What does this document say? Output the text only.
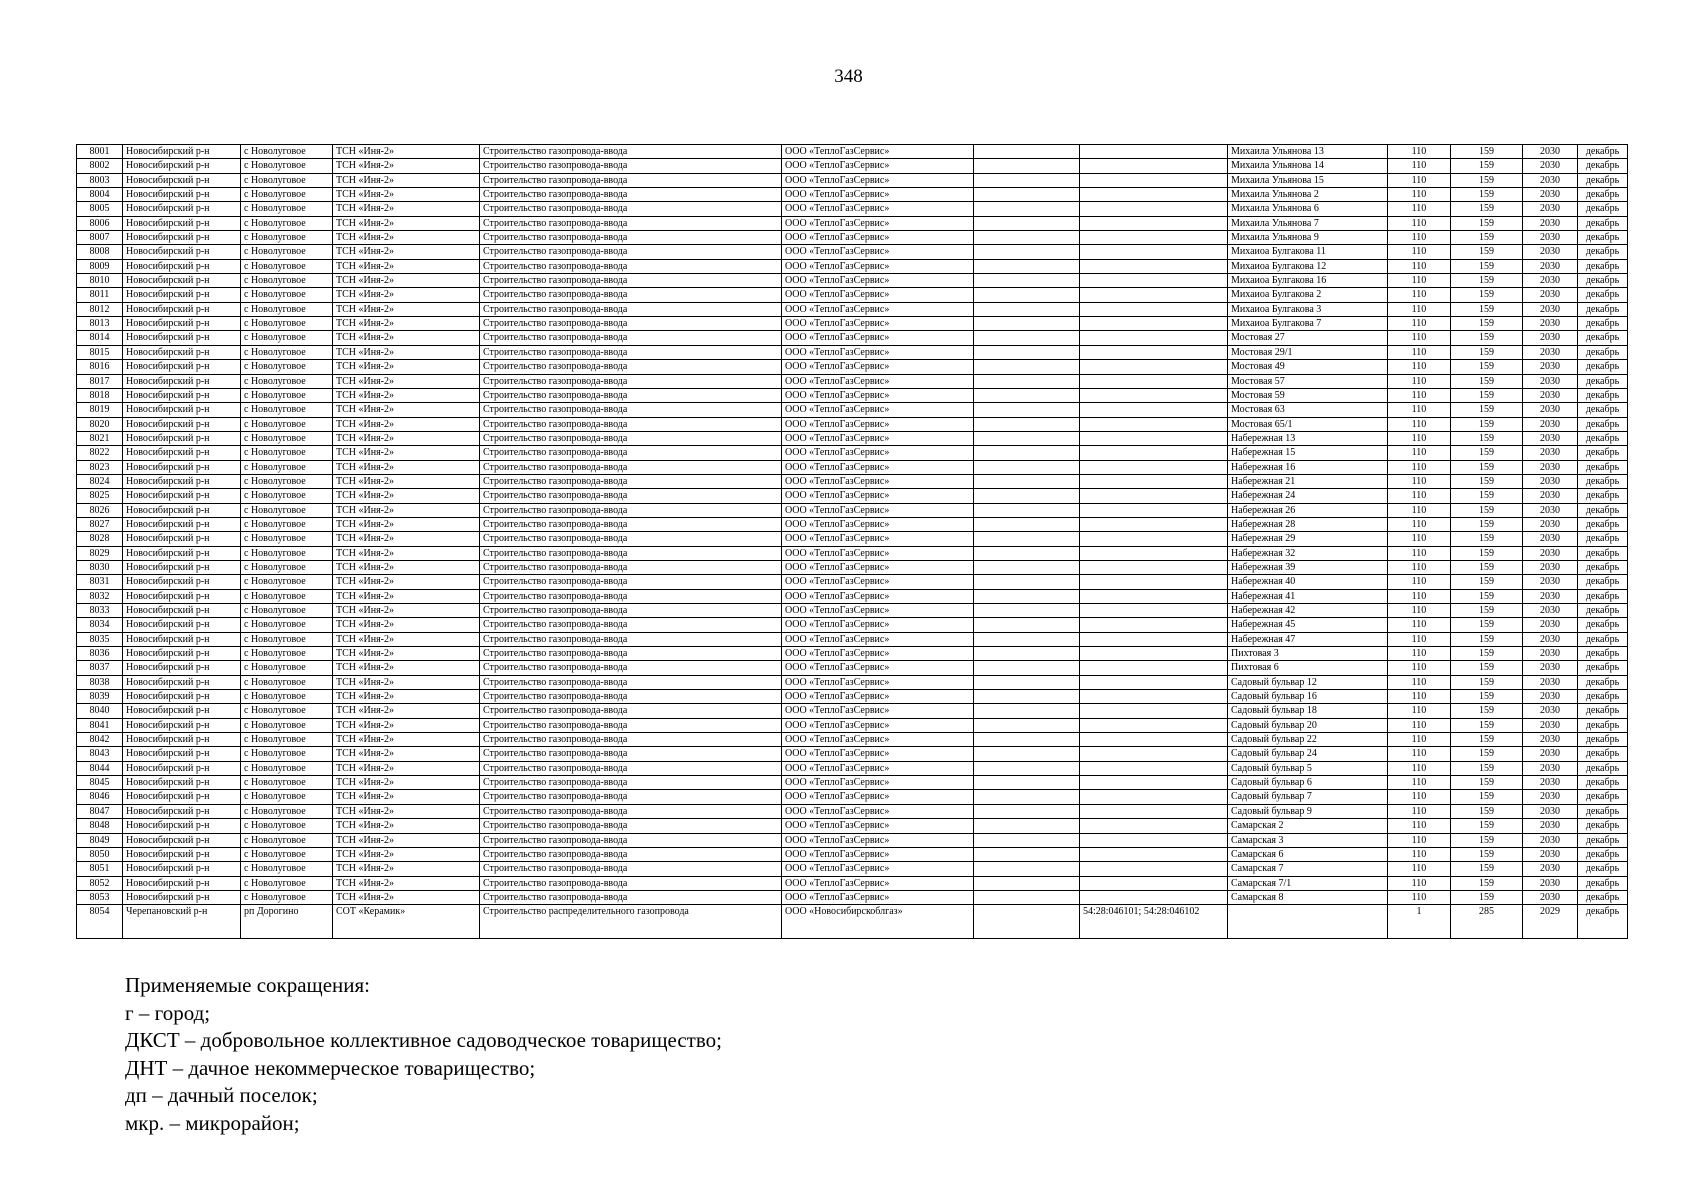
348
8001	Новосибирский р-н	с Новолуговое	ТСН «Иня-2»	Строительство газопровода-ввода	ООО «ТеплоГазСервис»			Михаила Ульянова 13	110	159	2030	декабрь
8002	Новосибирский р-н	с Новолуговое	ТСН «Иня-2»	Строительство газопровода-ввода	ООО «ТеплоГазСервис»			Михаила Ульянова 14	110	159	2030	декабрь
8003	Новосибирский р-н	с Новолуговое	ТСН «Иня-2»	Строительство газопровода-ввода	ООО «ТеплоГазСервис»			Михаила Ульянова 15	110	159	2030	декабрь
8004	Новосибирский р-н	с Новолуговое	ТСН «Иня-2»	Строительство газопровода-ввода	ООО «ТеплоГазСервис»			Михаила Ульянова 2	110	159	2030	декабрь
8005	Новосибирский р-н	с Новолуговое	ТСН «Иня-2»	Строительство газопровода-ввода	ООО «ТеплоГазСервис»			Михаила Ульянова 6	110	159	2030	декабрь
8006	Новосибирский р-н	с Новолуговое	ТСН «Иня-2»	Строительство газопровода-ввода	ООО «ТеплоГазСервис»			Михаила Ульянова 7	110	159	2030	декабрь
8007	Новосибирский р-н	с Новолуговое	ТСН «Иня-2»	Строительство газопровода-ввода	ООО «ТеплоГазСервис»			Михаила Ульянова 9	110	159	2030	декабрь
8008	Новосибирский р-н	с Новолуговое	ТСН «Иня-2»	Строительство газопровода-ввода	ООО «ТеплоГазСервис»			Михаиоа Булгакова 11	110	159	2030	декабрь
8009	Новосибирский р-н	с Новолуговое	ТСН «Иня-2»	Строительство газопровода-ввода	ООО «ТеплоГазСервис»			Михаиоа Булгакова 12	110	159	2030	декабрь
8010	Новосибирский р-н	с Новолуговое	ТСН «Иня-2»	Строительство газопровода-ввода	ООО «ТеплоГазСервис»			Михаиоа Булгакова 16	110	159	2030	декабрь
8011	Новосибирский р-н	с Новолуговое	ТСН «Иня-2»	Строительство газопровода-ввода	ООО «ТеплоГазСервис»			Михаиоа Булгакова 2	110	159	2030	декабрь
8012	Новосибирский р-н	с Новолуговое	ТСН «Иня-2»	Строительство газопровода-ввода	ООО «ТеплоГазСервис»			Михаиоа Булгакова 3	110	159	2030	декабрь
8013	Новосибирский р-н	с Новолуговое	ТСН «Иня-2»	Строительство газопровода-ввода	ООО «ТеплоГазСервис»			Михаиоа Булгакова 7	110	159	2030	декабрь
8014	Новосибирский р-н	с Новолуговое	ТСН «Иня-2»	Строительство газопровода-ввода	ООО «ТеплоГазСервис»			Мостовая 27	110	159	2030	декабрь
8015	Новосибирский р-н	с Новолуговое	ТСН «Иня-2»	Строительство газопровода-ввода	ООО «ТеплоГазСервис»			Мостовая 29/1	110	159	2030	декабрь
8016	Новосибирский р-н	с Новолуговое	ТСН «Иня-2»	Строительство газопровода-ввода	ООО «ТеплоГазСервис»			Мостовая 49	110	159	2030	декабрь
8017	Новосибирский р-н	с Новолуговое	ТСН «Иня-2»	Строительство газопровода-ввода	ООО «ТеплоГазСервис»			Мостовая 57	110	159	2030	декабрь
8018	Новосибирский р-н	с Новолуговое	ТСН «Иня-2»	Строительство газопровода-ввода	ООО «ТеплоГазСервис»			Мостовая 59	110	159	2030	декабрь
8019	Новосибирский р-н	с Новолуговое	ТСН «Иня-2»	Строительство газопровода-ввода	ООО «ТеплоГазСервис»			Мостовая 63	110	159	2030	декабрь
8020	Новосибирский р-н	с Новолуговое	ТСН «Иня-2»	Строительство газопровода-ввода	ООО «ТеплоГазСервис»			Мостовая 65/1	110	159	2030	декабрь
8021	Новосибирский р-н	с Новолуговое	ТСН «Иня-2»	Строительство газопровода-ввода	ООО «ТеплоГазСервис»			Набережная 13	110	159	2030	декабрь
8022	Новосибирский р-н	с Новолуговое	ТСН «Иня-2»	Строительство газопровода-ввода	ООО «ТеплоГазСервис»			Набережная 15	110	159	2030	декабрь
8023	Новосибирский р-н	с Новолуговое	ТСН «Иня-2»	Строительство газопровода-ввода	ООО «ТеплоГазСервис»			Набережная 16	110	159	2030	декабрь
8024	Новосибирский р-н	с Новолуговое	ТСН «Иня-2»	Строительство газопровода-ввода	ООО «ТеплоГазСервис»			Набережная 21	110	159	2030	декабрь
8025	Новосибирский р-н	с Новолуговое	ТСН «Иня-2»	Строительство газопровода-ввода	ООО «ТеплоГазСервис»			Набережная 24	110	159	2030	декабрь
8026	Новосибирский р-н	с Новолуговое	ТСН «Иня-2»	Строительство газопровода-ввода	ООО «ТеплоГазСервис»			Набережная 26	110	159	2030	декабрь
8027	Новосибирский р-н	с Новолуговое	ТСН «Иня-2»	Строительство газопровода-ввода	ООО «ТеплоГазСервис»			Набережная 28	110	159	2030	декабрь
8028	Новосибирский р-н	с Новолуговое	ТСН «Иня-2»	Строительство газопровода-ввода	ООО «ТеплоГазСервис»			Набережная 29	110	159	2030	декабрь
8029	Новосибирский р-н	с Новолуговое	ТСН «Иня-2»	Строительство газопровода-ввода	ООО «ТеплоГазСервис»			Набережная 32	110	159	2030	декабрь
8030	Новосибирский р-н	с Новолуговое	ТСН «Иня-2»	Строительство газопровода-ввода	ООО «ТеплоГазСервис»			Набережная 39	110	159	2030	декабрь
8031	Новосибирский р-н	с Новолуговое	ТСН «Иня-2»	Строительство газопровода-ввода	ООО «ТеплоГазСервис»			Набережная 40	110	159	2030	декабрь
8032	Новосибирский р-н	с Новолуговое	ТСН «Иня-2»	Строительство газопровода-ввода	ООО «ТеплоГазСервис»			Набережная 41	110	159	2030	декабрь
8033	Новосибирский р-н	с Новолуговое	ТСН «Иня-2»	Строительство газопровода-ввода	ООО «ТеплоГазСервис»			Набережная 42	110	159	2030	декабрь
8034	Новосибирский р-н	с Новолуговое	ТСН «Иня-2»	Строительство газопровода-ввода	ООО «ТеплоГазСервис»			Набережная 45	110	159	2030	декабрь
8035	Новосибирский р-н	с Новолуговое	ТСН «Иня-2»	Строительство газопровода-ввода	ООО «ТеплоГазСервис»			Набережная 47	110	159	2030	декабрь
8036	Новосибирский р-н	с Новолуговое	ТСН «Иня-2»	Строительство газопровода-ввода	ООО «ТеплоГазСервис»			Пихтовая 3	110	159	2030	декабрь
8037	Новосибирский р-н	с Новолуговое	ТСН «Иня-2»	Строительство газопровода-ввода	ООО «ТеплоГазСервис»			Пихтовая 6	110	159	2030	декабрь
8038	Новосибирский р-н	с Новолуговое	ТСН «Иня-2»	Строительство газопровода-ввода	ООО «ТеплоГазСервис»			Садовый бульвар 12	110	159	2030	декабрь
8039	Новосибирский р-н	с Новолуговое	ТСН «Иня-2»	Строительство газопровода-ввода	ООО «ТеплоГазСервис»			Садовый бульвар 16	110	159	2030	декабрь
8040	Новосибирский р-н	с Новолуговое	ТСН «Иня-2»	Строительство газопровода-ввода	ООО «ТеплоГазСервис»			Садовый бульвар 18	110	159	2030	декабрь
8041	Новосибирский р-н	с Новолуговое	ТСН «Иня-2»	Строительство газопровода-ввода	ООО «ТеплоГазСервис»			Садовый бульвар 20	110	159	2030	декабрь
8042	Новосибирский р-н	с Новолуговое	ТСН «Иня-2»	Строительство газопровода-ввода	ООО «ТеплоГазСервис»			Садовый бульвар 22	110	159	2030	декабрь
8043	Новосибирский р-н	с Новолуговое	ТСН «Иня-2»	Строительство газопровода-ввода	ООО «ТеплоГазСервис»			Садовый бульвар 24	110	159	2030	декабрь
8044	Новосибирский р-н	с Новолуговое	ТСН «Иня-2»	Строительство газопровода-ввода	ООО «ТеплоГазСервис»			Садовый бульвар 5	110	159	2030	декабрь
8045	Новосибирский р-н	с Новолуговое	ТСН «Иня-2»	Строительство газопровода-ввода	ООО «ТеплоГазСервис»			Садовый бульвар 6	110	159	2030	декабрь
8046	Новосибирский р-н	с Новолуговое	ТСН «Иня-2»	Строительство газопровода-ввода	ООО «ТеплоГазСервис»			Садовый бульвар 7	110	159	2030	декабрь
8047	Новосибирский р-н	с Новолуговое	ТСН «Иня-2»	Строительство газопровода-ввода	ООО «ТеплоГазСервис»			Садовый бульвар 9	110	159	2030	декабрь
8048	Новосибирский р-н	с Новолуговое	ТСН «Иня-2»	Строительство газопровода-ввода	ООО «ТеплоГазСервис»			Самарская 2	110	159	2030	декабрь
8049	Новосибирский р-н	с Новолуговое	ТСН «Иня-2»	Строительство газопровода-ввода	ООО «ТеплоГазСервис»			Самарская 3	110	159	2030	декабрь
8050	Новосибирский р-н	с Новолуговое	ТСН «Иня-2»	Строительство газопровода-ввода	ООО «ТеплоГазСервис»			Самарская 6	110	159	2030	декабрь
8051	Новосибирский р-н	с Новолуговое	ТСН «Иня-2»	Строительство газопровода-ввода	ООО «ТеплоГазСервис»			Самарская 7	110	159	2030	декабрь
8052	Новосибирский р-н	с Новолуговое	ТСН «Иня-2»	Строительство газопровода-ввода	ООО «ТеплоГазСервис»			Самарская 7/1	110	159	2030	декабрь
8053	Новосибирский р-н	с Новолуговое	ТСН «Иня-2»	Строительство газопровода-ввода	ООО «ТеплоГазСервис»			Самарская 8	110	159	2030	декабрь
8054	Черепановский р-н	рп Дорогино	СОТ «Керамик»	Строительство распределительного газопровода	ООО «Новосибирскоблгаз»		54:28:046101; 54:28:046102		1	285	2029	декабрь
Применяемые сокращения:
г – город;
ДКСТ – добровольное коллективное садоводческое товарищество;
ДНТ – дачное некоммерческое товарищество;
дп – дачный поселок;
мкр. – микрорайон;
